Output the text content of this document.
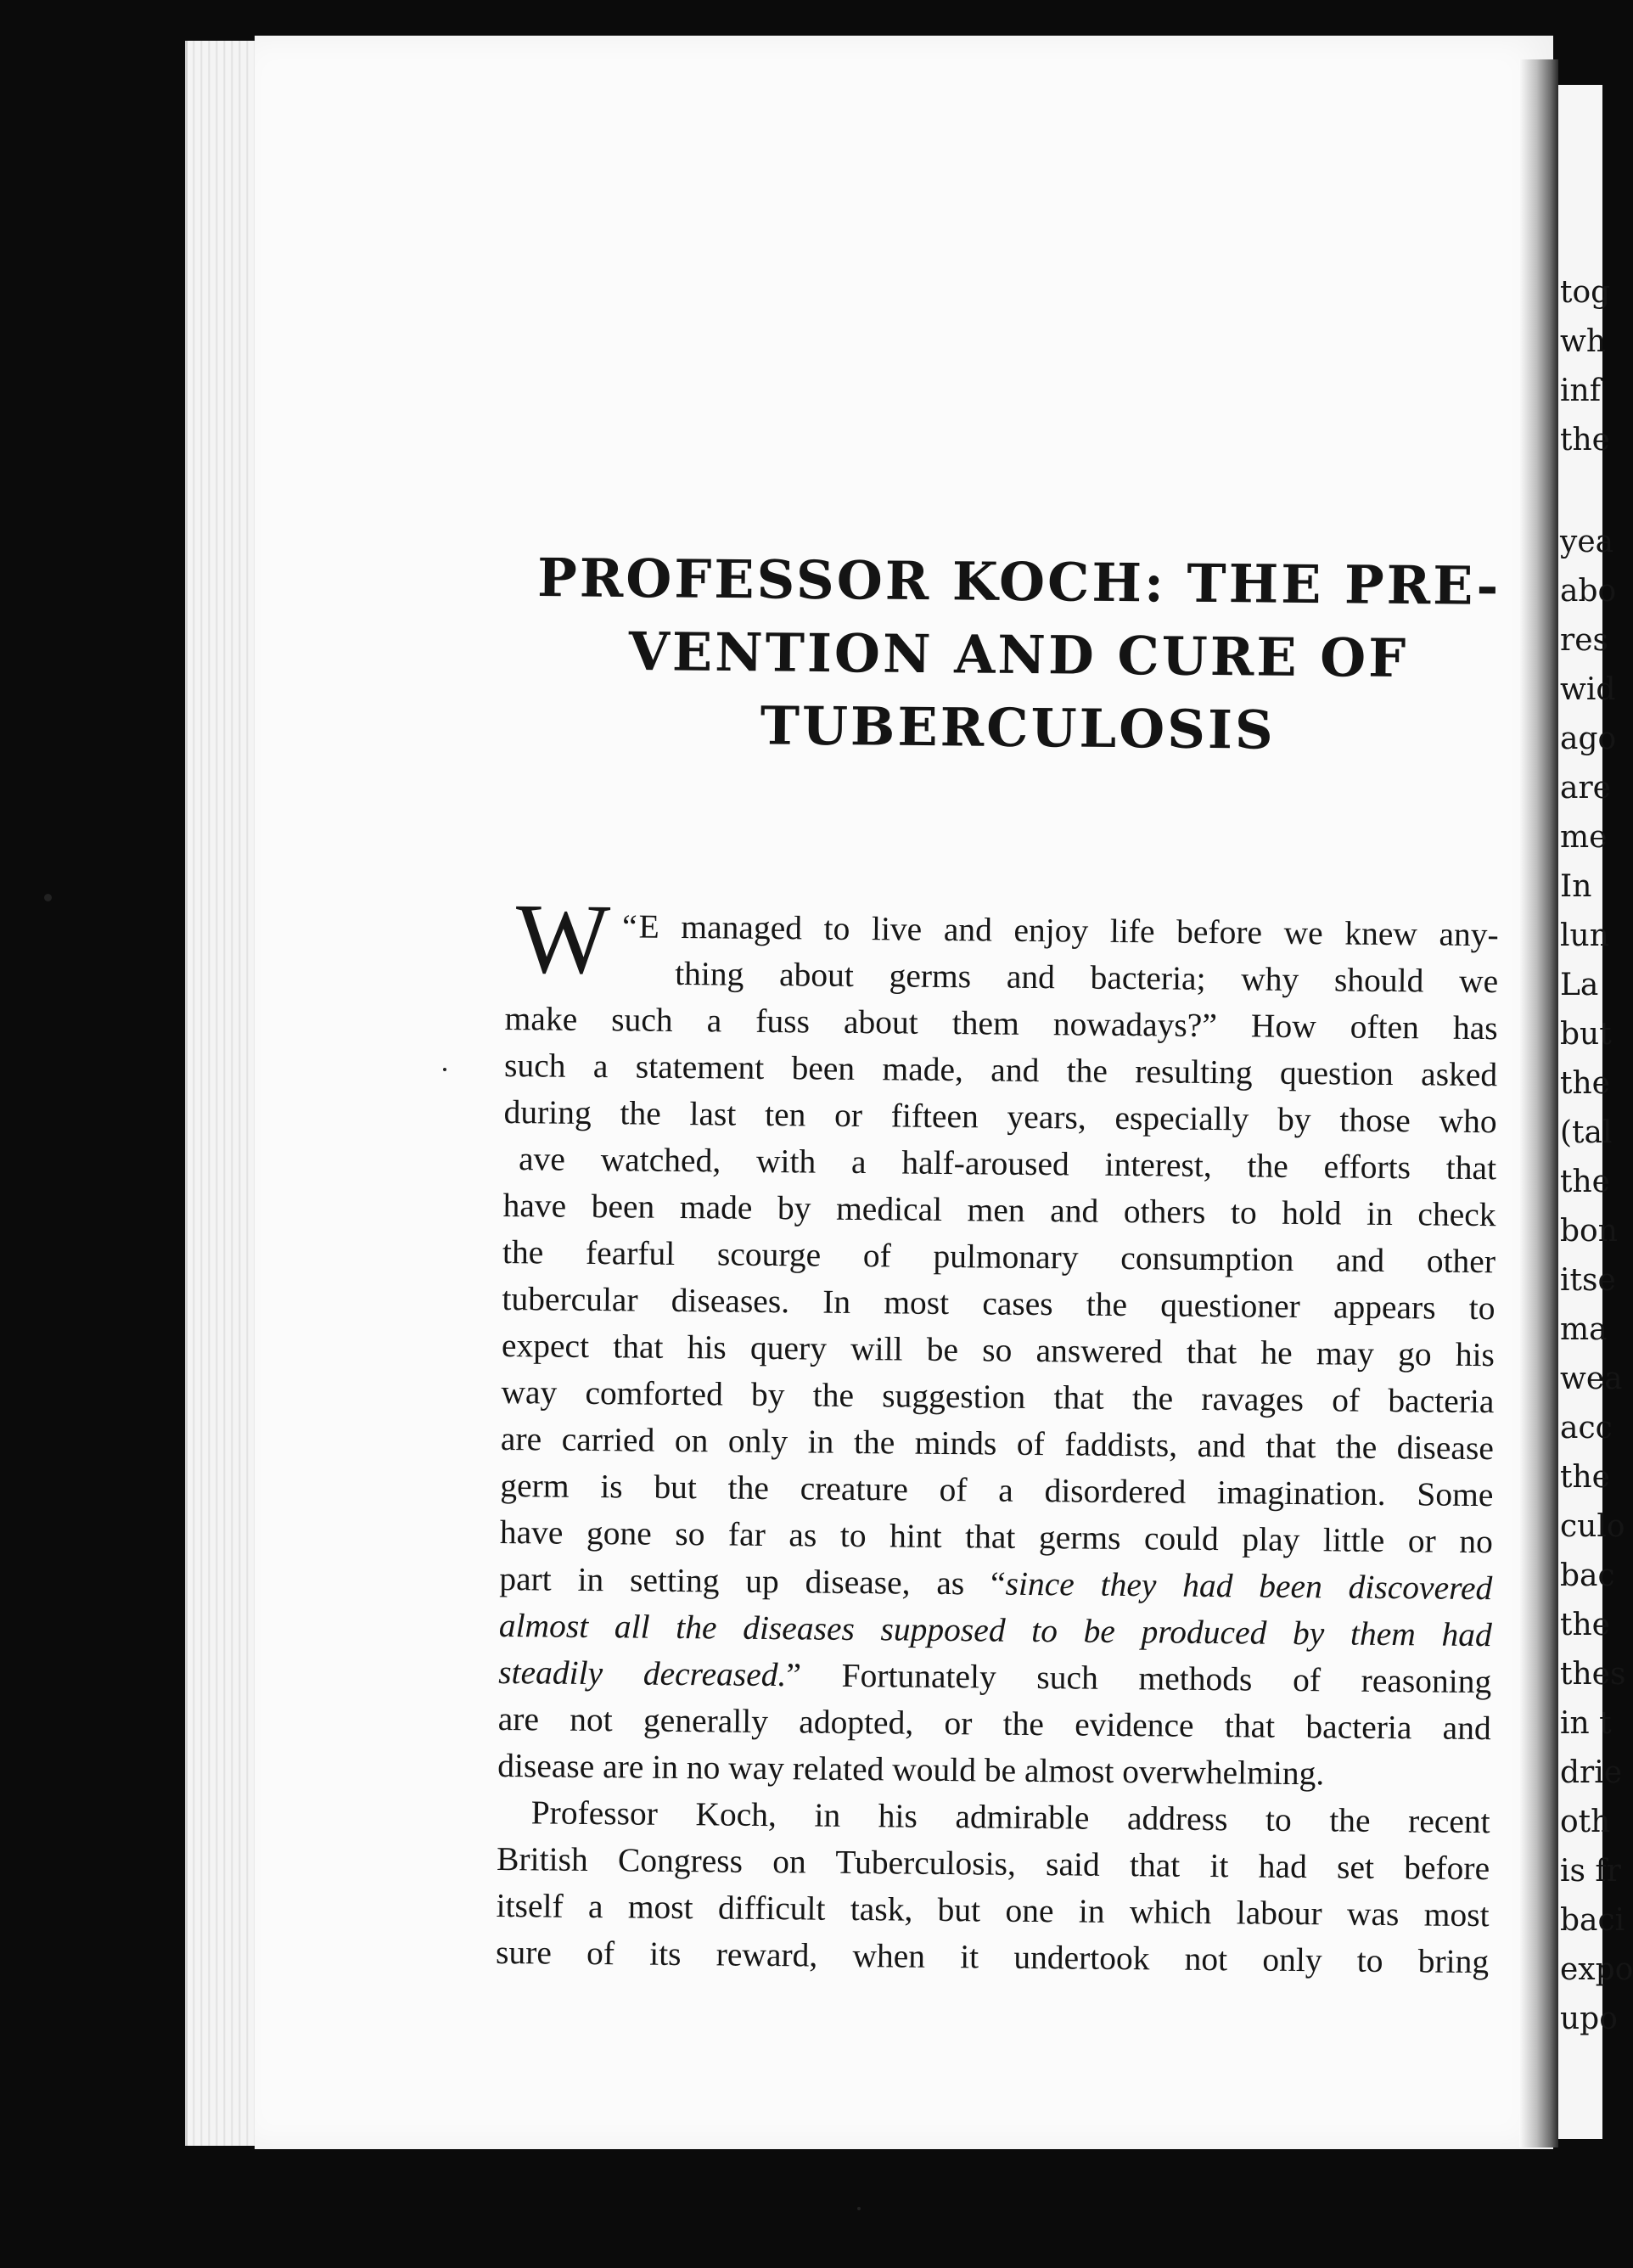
tog
wh
inf
the
yea
abo
res
wid
ago
are
me
In
lun
La
but
the
(tal
the
bon
itse
ma
wea
acc
the
culo
bac
the
thes
in t
drie
oth
is fr
baci
expo
upo
PROFESSOR KOCH: THE PRE-
VENTION AND CURE OF
TUBERCULOSIS
“
W E managed to live and enjoy life before we knew any-
thing about germs and bacteria; why should we
make such a fuss about them nowadays?” How often has
such a statement been made, and the resulting question asked
during the last ten or fifteen years, especially by those who
ave watched, with a half-aroused interest, the efforts that
have been made by medical men and others to hold in check
the fearful scourge of pulmonary consumption and other
tubercular diseases. In most cases the questioner appears to
expect that his query will be so answered that he may go his
way comforted by the suggestion that the ravages of bacteria
are carried on only in the minds of faddists, and that the disease
germ is but the creature of a disordered imagination. Some
have gone so far as to hint that germs could play little or no
part in setting up disease, as “since they had been discovered
almost all the diseases supposed to be produced by them had
steadily decreased.” Fortunately such methods of reasoning
are not generally adopted, or the evidence that bacteria and
disease are in no way related would be almost overwhelming.
Professor Koch, in his admirable address to the recent
British Congress on Tuberculosis, said that it had set before
itself a most difficult task, but one in which labour was most
sure of its reward, when it undertook not only to bring
